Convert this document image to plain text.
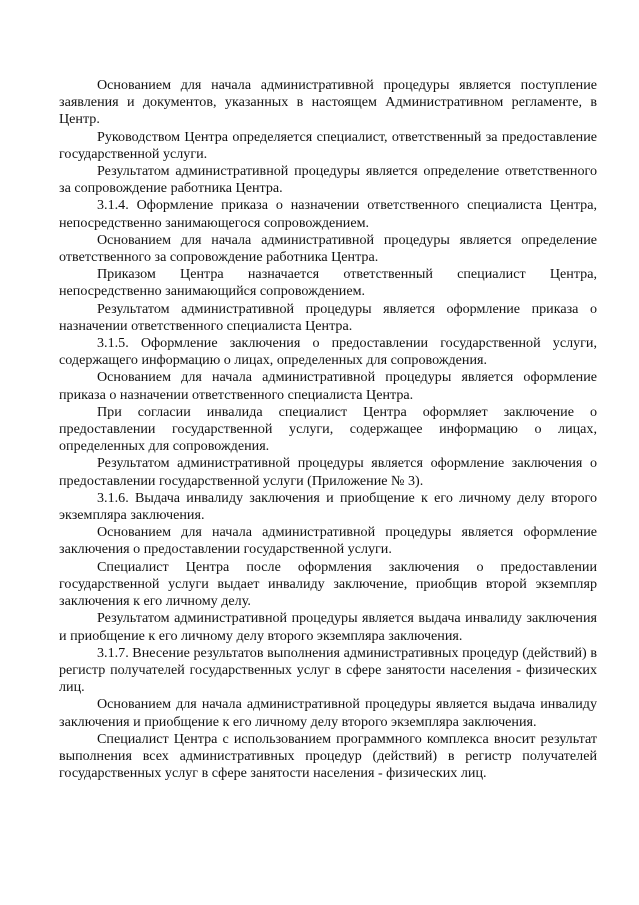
Основанием для начала административной процедуры является поступление заявления и документов, указанных в настоящем Административном регламенте, в Центр.

Руководством Центра определяется специалист, ответственный за предоставление государственной услуги.

Результатом административной процедуры является определение ответственного за сопровождение работника Центра.

3.1.4. Оформление приказа о назначении ответственного специалиста Центра, непосредственно занимающегося сопровождением.

Основанием для начала административной процедуры является определение ответственного за сопровождение работника Центра.

Приказом Центра назначается ответственный специалист Центра, непосредственно занимающийся сопровождением.

Результатом административной процедуры является оформление приказа о назначении ответственного специалиста Центра.

3.1.5. Оформление заключения о предоставлении государственной услуги, содержащего информацию о лицах, определенных для сопровождения.

Основанием для начала административной процедуры является оформление приказа о назначении ответственного специалиста Центра.

При согласии инвалида специалист Центра оформляет заключение о предоставлении государственной услуги, содержащее информацию о лицах, определенных для сопровождения.

Результатом административной процедуры является оформление заключения о предоставлении государственной услуги (Приложение № 3).

3.1.6. Выдача инвалиду заключения и приобщение к его личному делу второго экземпляра заключения.

Основанием для начала административной процедуры является оформление заключения о предоставлении государственной услуги.

Специалист Центра после оформления заключения о предоставлении государственной услуги выдает инвалиду заключение, приобщив второй экземпляр заключения к его личному делу.

Результатом административной процедуры является выдача инвалиду заключения и приобщение к его личному делу второго экземпляра заключения.

3.1.7. Внесение результатов выполнения административных процедур (действий) в регистр получателей государственных услуг в сфере занятости населения - физических лиц.

Основанием для начала административной процедуры является выдача инвалиду заключения и приобщение к его личному делу второго экземпляра заключения.

Специалист Центра с использованием программного комплекса вносит результат выполнения всех административных процедур (действий) в регистр получателей государственных услуг в сфере занятости населения - физических лиц.
